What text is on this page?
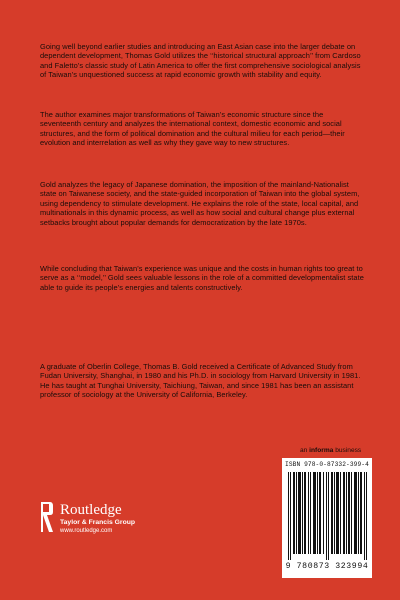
Going well beyond earlier studies and introducing an East Asian case into the larger debate on dependent development, Thomas Gold utilizes the ‘‘historical structural approach’’ from Cardoso and Faletto’s classic study of Latin America to offer the first comprehensive sociological analysis of Taiwan’s unquestioned success at rapid economic growth with stability and equity.
The author examines major transformations of Taiwan’s economic structure since the seventeenth century and analyzes the international context, domestic economic and social structures, and the form of political domination and the cultural milieu for each period—their evolution and interrelation as well as why they gave way to new structures.
Gold analyzes the legacy of Japanese domination, the imposition of the mainland-Nationalist state on Taiwanese society, and the state-guided incorporation of Taiwan into the global system, using dependency to stimulate development. He explains the role of the state, local capital, and multinationals in this dynamic process, as well as how social and cultural change plus external setbacks brought about popular demands for democratization by the late 1970s.
While concluding that Taiwan’s experience was unique and the costs in human rights too great to serve as a ‘‘model,’’ Gold sees valuable lessons in the role of a committed developmentalist state able to guide its people’s energies and talents constructively.
A graduate of Oberlin College, Thomas B. Gold received a Certificate of Advanced Study from Fudan University, Shanghai, in 1980 and his Ph.D. in sociology from Harvard University in 1981. He has taught at Tunghai University, Taichiung, Taiwan, and since 1981 has been an assistant professor of sociology at the University of California, Berkeley.
an informa business
ISBN 978-0-87332-399-4
9 780873 323994
Routledge
Taylor & Francis Group
www.routledge.com
